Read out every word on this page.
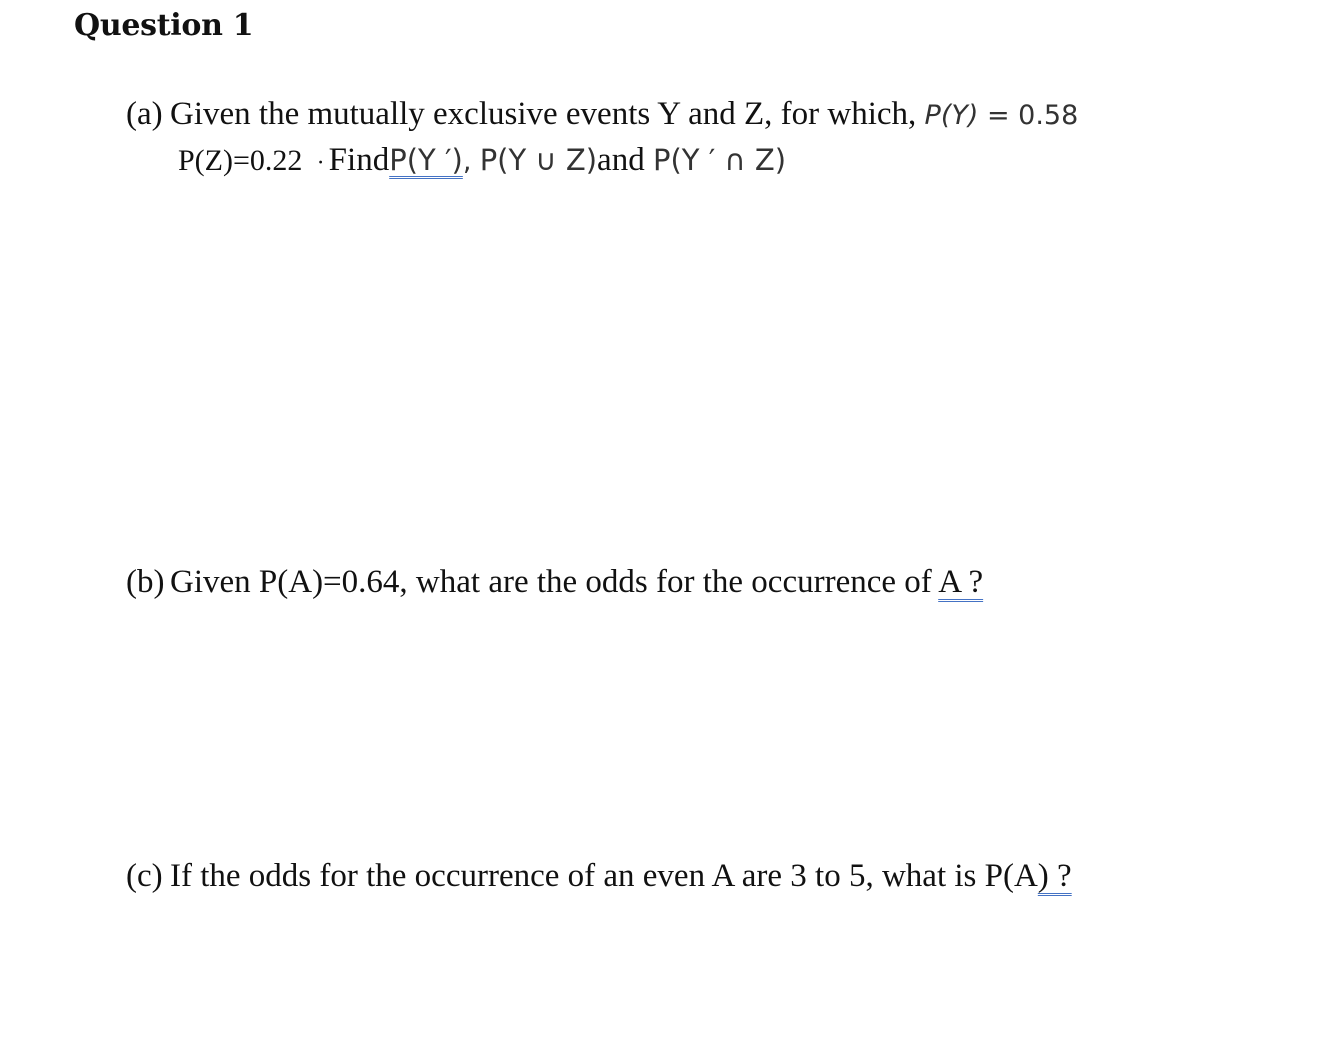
Question 1
(a) Given the mutually exclusive events Y and Z, for which, P(Y) = 0.58
P(Z)=0.22 · FindP(Y ′), P(Y ∪ Z)and P(Y ′ ∩ Z)
(b) Given P(A)=0.64, what are the odds for the occurrence of A ?
(c) If the odds for the occurrence of an even A are 3 to 5, what is P(A) ?
